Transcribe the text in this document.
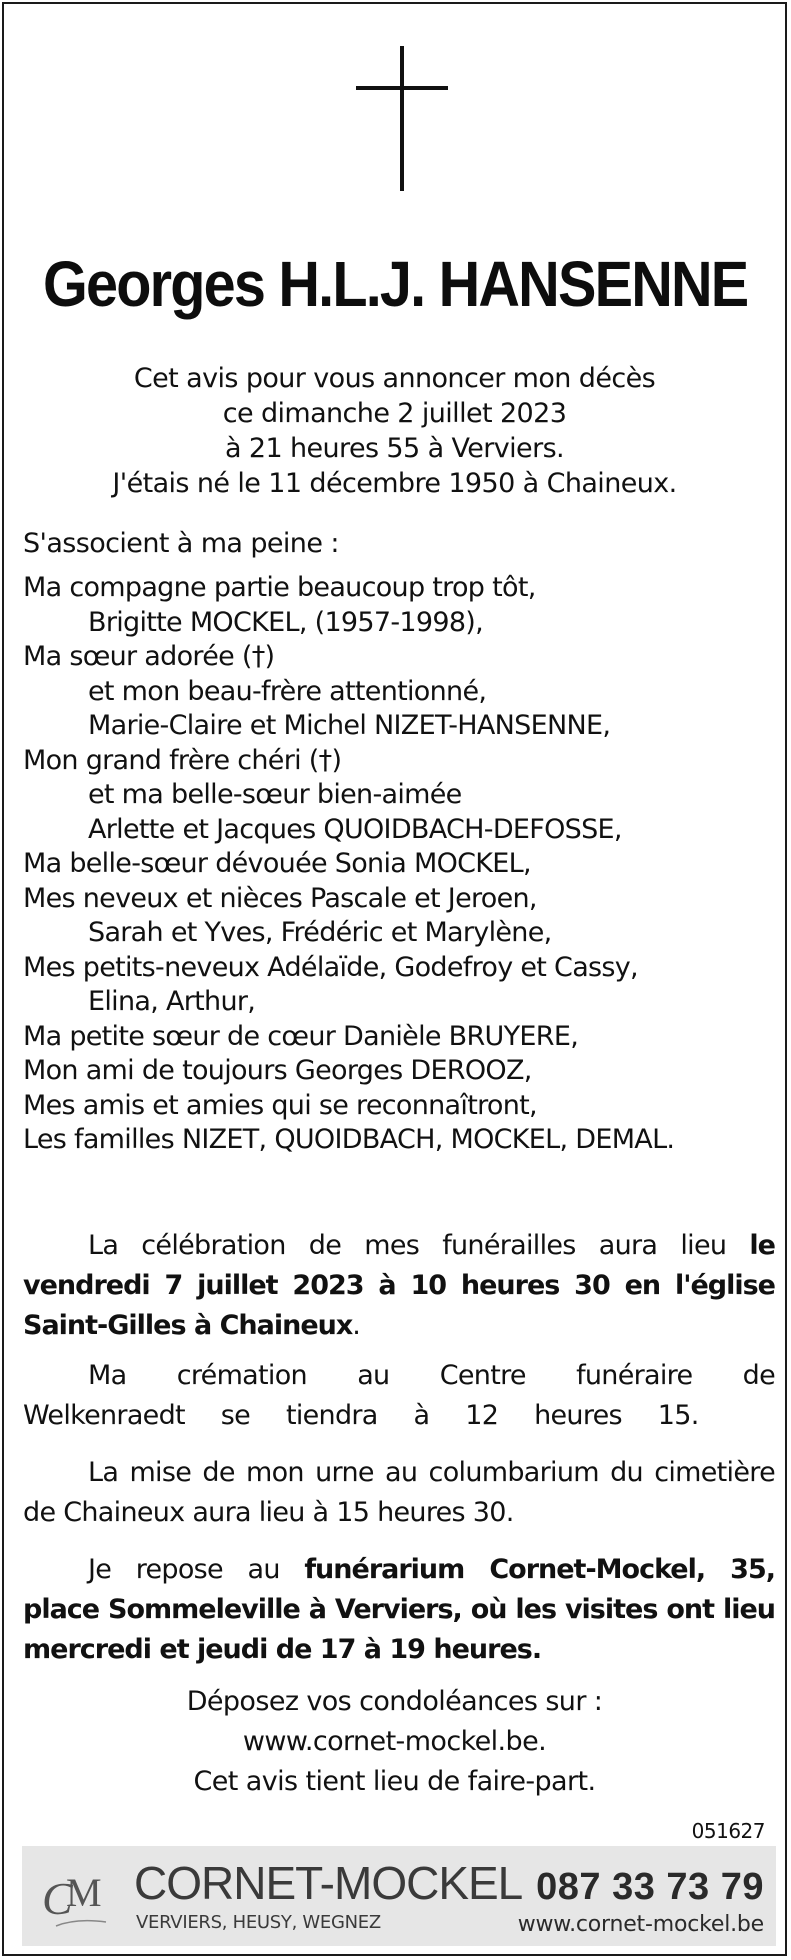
Georges H.L.J. HANSENNE
Cet avis pour vous annoncer mon décès
ce dimanche 2 juillet 2023
à 21 heures 55 à Verviers.
J'étais né le 11 décembre 1950 à Chaineux.
S'associent à ma peine :
Ma compagne partie beaucoup trop tôt,
Brigitte MOCKEL, (1957-1998),
Ma sœur adorée (†)
et mon beau-frère attentionné,
Marie-Claire et Michel NIZET-HANSENNE,
Mon grand frère chéri (†)
et ma belle-sœur bien-aimée
Arlette et Jacques QUOIDBACH-DEFOSSE,
Ma belle-sœur dévouée Sonia MOCKEL,
Mes neveux et nièces Pascale et Jeroen,
Sarah et Yves, Frédéric et Marylène,
Mes petits-neveux Adélaïde, Godefroy et Cassy,
Elina, Arthur,
Ma petite sœur de cœur Danièle BRUYERE,
Mon ami de toujours Georges DEROOZ,
Mes amis et amies qui se reconnaîtront,
Les familles NIZET, QUOIDBACH, MOCKEL, DEMAL.
La célébration de mes funérailles aura lieu le vendredi 7 juillet 2023 à 10 heures 30 en l'église Saint-Gilles à Chaineux.
Ma crémation au Centre funéraire de Welkenraedt se tiendra à 12 heures 15.
La mise de mon urne au columbarium du cimetière de Chaineux aura lieu à 15 heures 30.
Je repose au funérarium Cornet-Mockel, 35, place Sommeleville à Verviers, où les visites ont lieu mercredi et jeudi de 17 à 19 heures.
Déposez vos condoléances sur :
www.cornet-mockel.be.
Cet avis tient lieu de faire-part.
051627
C
M CORNET-MOCKEL
VERVIERS, HEUSY, WEGNEZ
087 33 73 79
www.cornet-mockel.be
